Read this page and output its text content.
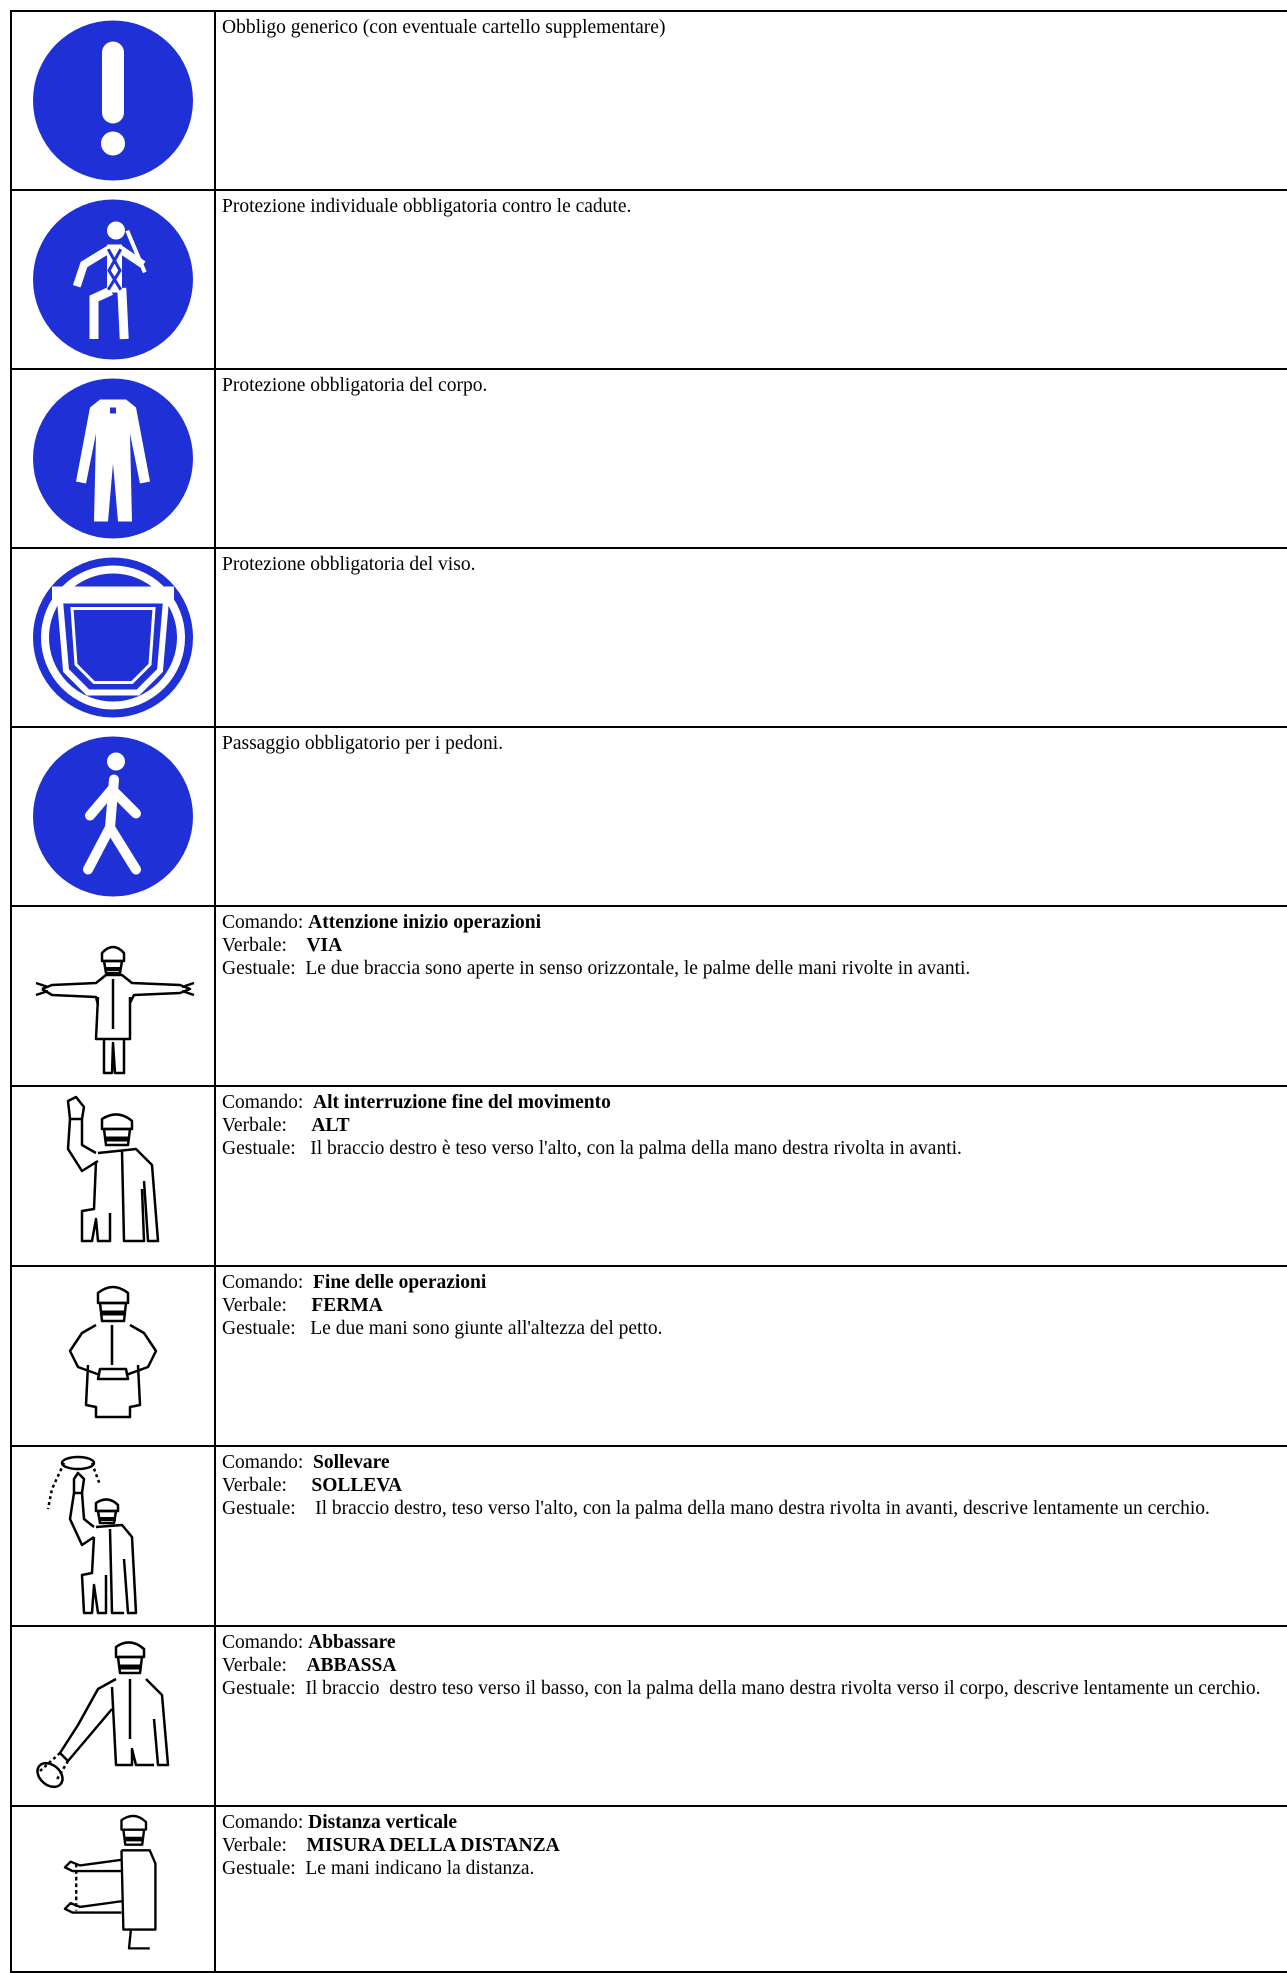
Obbligo generico (con eventuale cartello supplementare)

Protezione individuale obbligatoria contro le cadute.

Protezione obbligatoria del corpo.

Protezione obbligatoria del viso.

Passaggio obbligatorio per i pedoni.

Comando: Attenzione inizio operazioni
Verbale: VIA
Gestuale: Le due braccia sono aperte in senso orizzontale, le palme delle mani rivolte in avanti.

Comando: Alt interruzione fine del movimento
Verbale: ALT
Gestuale: Il braccio destro è teso verso l'alto, con la palma della mano destra rivolta in avanti.

Comando: Fine delle operazioni
Verbale: FERMA
Gestuale: Le due mani sono giunte all'altezza del petto.

Comando: Sollevare
Verbale: SOLLEVA
Gestuale: Il braccio destro, teso verso l'alto, con la palma della mano destra rivolta in avanti, descrive lentamente un cerchio.

Comando: Abbassare
Verbale: ABBASSA
Gestuale: Il braccio  destro teso verso il basso, con la palma della mano destra rivolta verso il corpo, descrive lentamente un cerchio.

Comando: Distanza verticale
Verbale: MISURA DELLA DISTANZA
Gestuale: Le mani indicano la distanza.
